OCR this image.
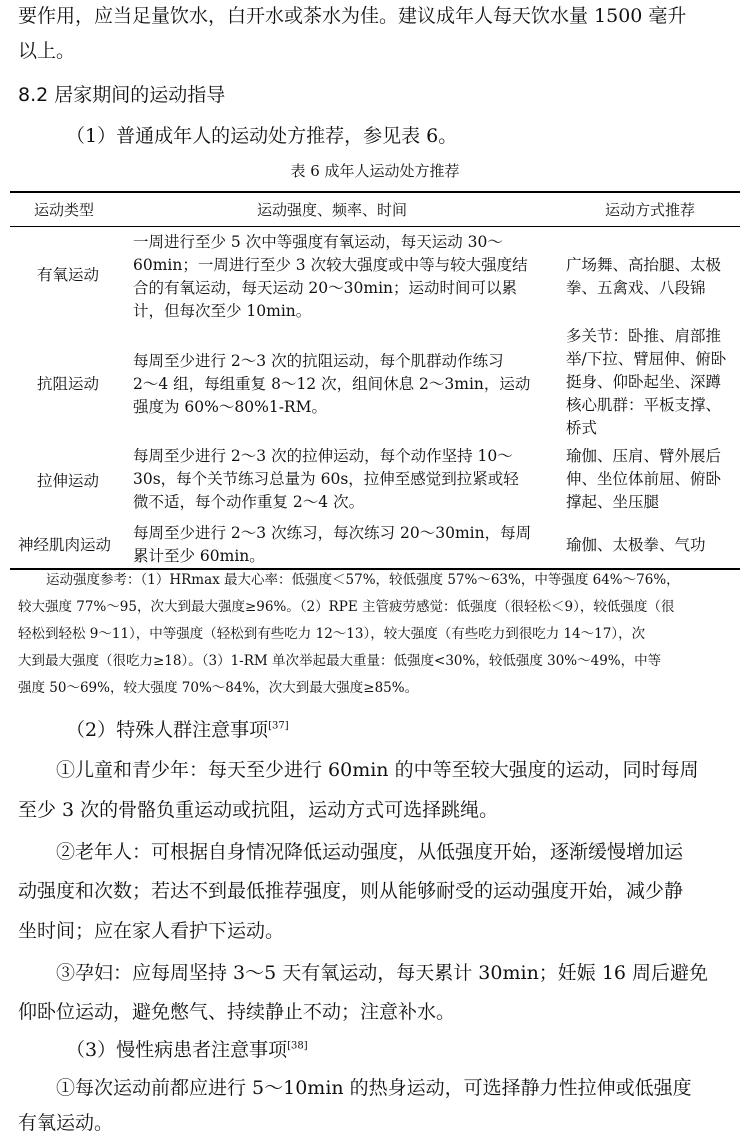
要作用，应当足量饮水，白开水或茶水为佳。建议成年人每天饮水量 1500 毫升

以上。

8.2 居家期间的运动指导

（1）普通成年人的运动处方推荐，参见表 6。

表 6 成年人运动处方推荐
运动类型	运动强度、频率、时间	运动方式推荐
有氧运动
一周进行至少 5 次中等强度有氧运动，每天运动 30～
60min；一周进行至少 3 次较大强度或中等与较大强度结
合的有氧运动，每天运动 20～30min；运动时间可以累
计，但每次至少 10min。
广场舞、高抬腿、太极
拳、五禽戏、八段锦
抗阻运动
每周至少进行 2～3 次的抗阻运动，每个肌群动作练习
2～4 组，每组重复 8～12 次，组间休息 2～3min，运动
强度为 60%～80%1-RM。
多关节：卧推、肩部推
举/下拉、臂屈伸、俯卧
挺身、仰卧起坐、深蹲
核心肌群：平板支撑、
桥式
拉伸运动
每周至少进行 2～3 次的拉伸运动，每个动作坚持 10～
30s，每个关节练习总量为 60s，拉伸至感觉到拉紧或轻
微不适，每个动作重复 2～4 次。
瑜伽、压肩、臂外展后
伸、坐位体前屈、俯卧
撑起、坐压腿
神经肌肉运动
每周至少进行 2～3 次练习，每次练习 20～30min，每周
累计至少 60min。
瑜伽、太极拳、气功
运动强度参考：（1）HRmax 最大心率：低强度＜57%，较低强度 57%～63%，中等强度 64%～76%，
较大强度 77%～95，次大到最大强度≥96%。（2）RPE 主管疲劳感觉：低强度（很轻松＜9），较低强度（很
轻松到轻松 9～11），中等强度（轻松到有些吃力 12～13），较大强度（有些吃力到很吃力 14～17），次
大到最大强度（很吃力≥18）。（3）1-RM 单次举起最大重量：低强度<30%，较低强度 30%～49%，中等
强度 50～69%，较大强度 70%～84%，次大到最大强度≥85%。

（2）特殊人群注意事项[37]

①儿童和青少年：每天至少进行 60min 的中等至较大强度的运动，同时每周

至少 3 次的骨骼负重运动或抗阻，运动方式可选择跳绳。

②老年人：可根据自身情况降低运动强度，从低强度开始，逐渐缓慢增加运

动强度和次数；若达不到最低推荐强度，则从能够耐受的运动强度开始，减少静

坐时间；应在家人看护下运动。

③孕妇：应每周坚持 3～5 天有氧运动，每天累计 30min；妊娠 16 周后避免

仰卧位运动，避免憋气、持续静止不动；注意补水。

（3）慢性病患者注意事项[38]

①每次运动前都应进行 5～10min 的热身运动，可选择静力性拉伸或低强度

有氧运动。
